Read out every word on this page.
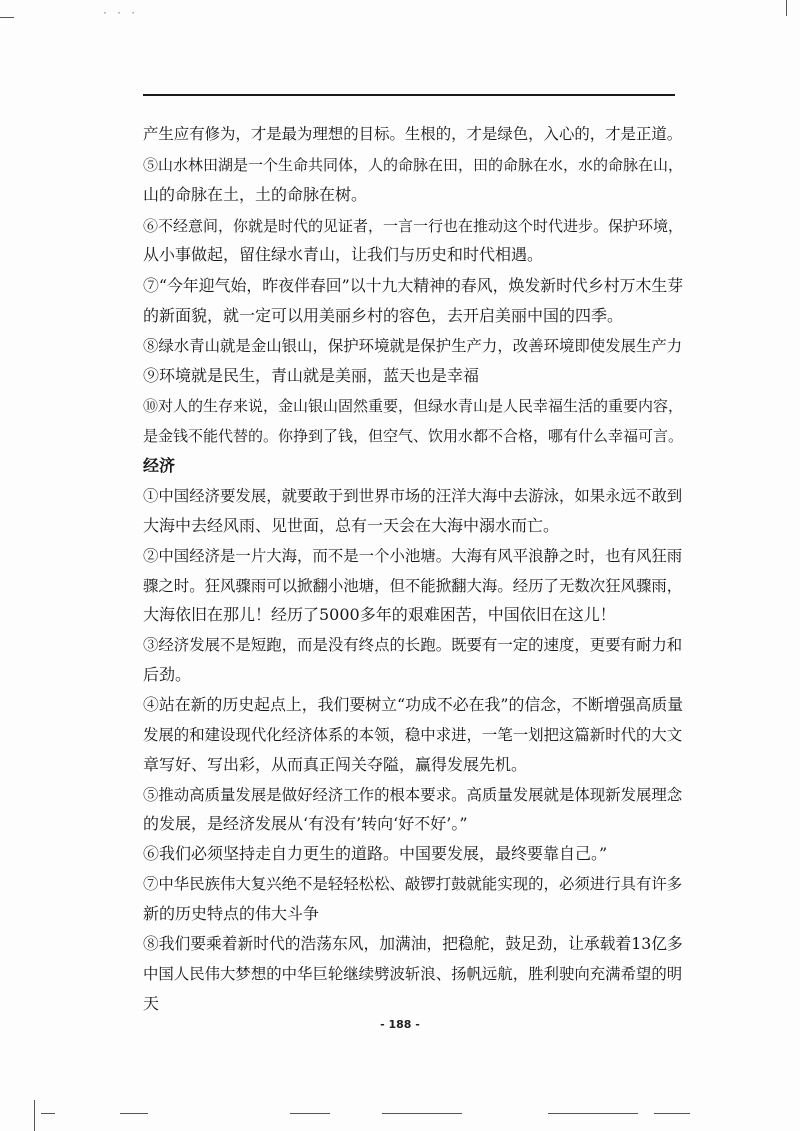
· · ·
产生应有修为，才是最为理想的目标。生根的，才是绿色，入心的，才是正道。
⑤山水林田湖是一个生命共同体，人的命脉在田，田的命脉在水，水的命脉在山，
山的命脉在土，土的命脉在树。
⑥不经意间，你就是时代的见证者，一言一行也在推动这个时代进步。保护环境，
从小事做起，留住绿水青山，让我们与历史和时代相遇。
⑦“今年迎气始，昨夜伴春回”以十九大精神的春风，焕发新时代乡村万木生芽
的新面貌，就一定可以用美丽乡村的容色，去开启美丽中国的四季。
⑧绿水青山就是金山银山，保护环境就是保护生产力，改善环境即使发展生产力
⑨环境就是民生，青山就是美丽，蓝天也是幸福
⑩对人的生存来说，金山银山固然重要，但绿水青山是人民幸福生活的重要内容，
是金钱不能代替的。你挣到了钱，但空气、饮用水都不合格，哪有什么幸福可言。
经济
①中国经济要发展，就要敢于到世界市场的汪洋大海中去游泳，如果永远不敢到
大海中去经风雨、见世面，总有一天会在大海中溺水而亡。
②中国经济是一片大海，而不是一个小池塘。大海有风平浪静之时，也有风狂雨
骤之时。狂风骤雨可以掀翻小池塘，但不能掀翻大海。经历了无数次狂风骤雨，
大海依旧在那儿！经历了5000多年的艰难困苦，中国依旧在这儿！
③经济发展不是短跑，而是没有终点的长跑。既要有一定的速度，更要有耐力和
后劲。
④站在新的历史起点上，我们要树立“功成不必在我”的信念，不断增强高质量
发展的和建设现代化经济体系的本领，稳中求进，一笔一划把这篇新时代的大文
章写好、写出彩，从而真正闯关夺隘，赢得发展先机。
⑤推动高质量发展是做好经济工作的根本要求。高质量发展就是体现新发展理念
的发展，是经济发展从‘有没有’转向‘好不好’。”
⑥我们必须坚持走自力更生的道路。中国要发展，最终要靠自己。”
⑦中华民族伟大复兴绝不是轻轻松松、敲锣打鼓就能实现的，必须进行具有许多
新的历史特点的伟大斗争
⑧我们要乘着新时代的浩荡东风，加满油，把稳舵，鼓足劲，让承载着13亿多
中国人民伟大梦想的中华巨轮继续劈波斩浪、扬帆远航，胜利驶向充满希望的明
天
- 188 -
